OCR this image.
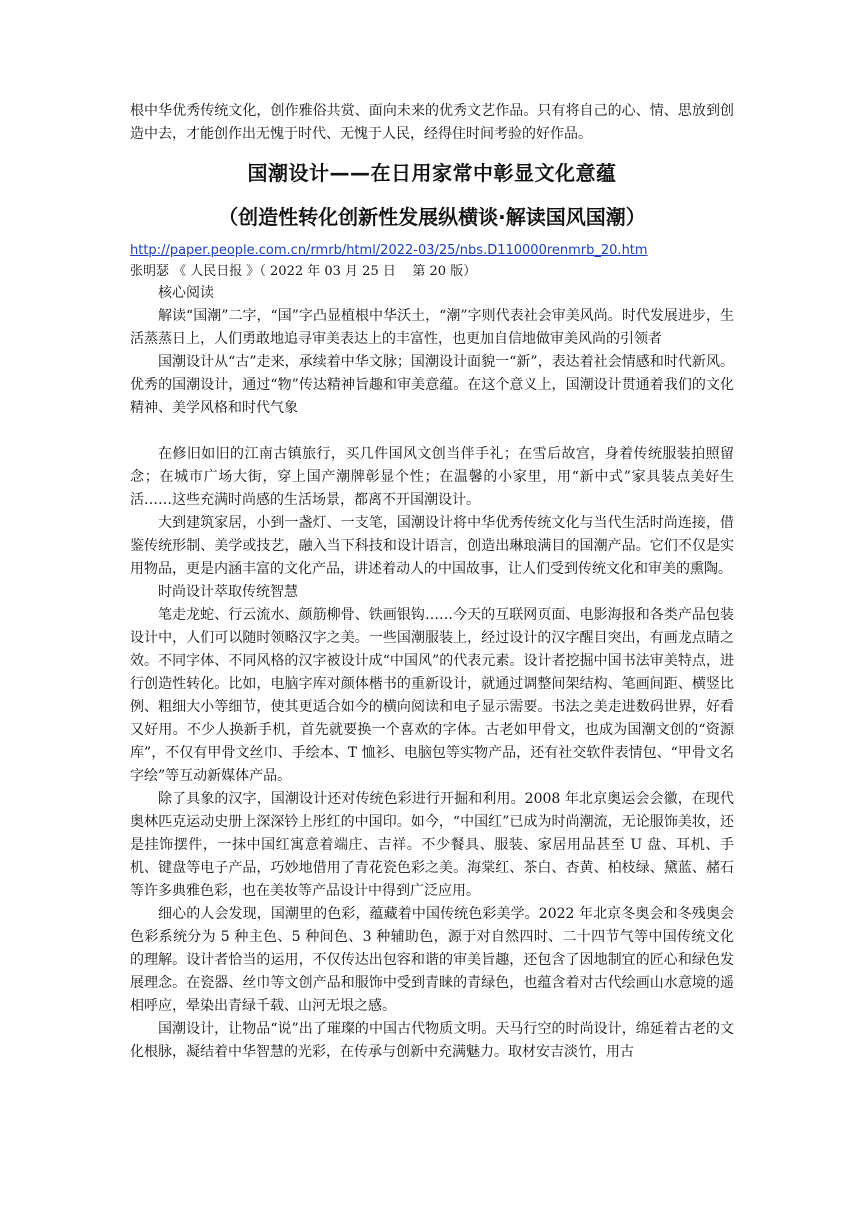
根中华优秀传统文化，创作雅俗共赏、面向未来的优秀文艺作品。只有将自己的心、情、思放到创造中去，才能创作出无愧于时代、无愧于人民，经得住时间考验的好作品。

国潮设计——在日用家常中彰显文化意蕴
（创造性转化创新性发展纵横谈·解读国风国潮）
http://paper.people.com.cn/rmrb/html/2022-03/25/nbs.D110000renmrb_20.htm

张明瑟 《 人民日报 》（ 2022 年 03 月 25 日    第 20 版）

核心阅读

解读“国潮”二字，“国”字凸显植根中华沃土，“潮”字则代表社会审美风尚。时代发展进步，生活蒸蒸日上，人们勇敢地追寻审美表达上的丰富性，也更加自信地做审美风尚的引领者

国潮设计从“古”走来，承续着中华文脉；国潮设计面貌一“新”，表达着社会情感和时代新风。优秀的国潮设计，通过“物”传达精神旨趣和审美意蕴。在这个意义上，国潮设计贯通着我们的文化精神、美学风格和时代气象

在修旧如旧的江南古镇旅行，买几件国风文创当伴手礼；在雪后故宫，身着传统服装拍照留念；在城市广场大街，穿上国产潮牌彰显个性；在温馨的小家里，用“新中式”家具装点美好生活……这些充满时尚感的生活场景，都离不开国潮设计。

大到建筑家居，小到一盏灯、一支笔，国潮设计将中华优秀传统文化与当代生活时尚连接，借鉴传统形制、美学或技艺，融入当下科技和设计语言，创造出琳琅满目的国潮产品。它们不仅是实用物品，更是内涵丰富的文化产品，讲述着动人的中国故事，让人们受到传统文化和审美的熏陶。

时尚设计萃取传统智慧

笔走龙蛇、行云流水、颜筋柳骨、铁画银钩……今天的互联网页面、电影海报和各类产品包装设计中，人们可以随时领略汉字之美。一些国潮服装上，经过设计的汉字醒目突出，有画龙点睛之效。不同字体、不同风格的汉字被设计成“中国风”的代表元素。设计者挖掘中国书法审美特点，进行创造性转化。比如，电脑字库对颜体楷书的重新设计，就通过调整间架结构、笔画间距、横竖比例、粗细大小等细节，使其更适合如今的横向阅读和电子显示需要。书法之美走进数码世界，好看又好用。不少人换新手机，首先就要换一个喜欢的字体。古老如甲骨文，也成为国潮文创的“资源库”，不仅有甲骨文丝巾、手绘本、T 恤衫、电脑包等实物产品，还有社交软件表情包、“甲骨文名字绘”等互动新媒体产品。

除了具象的汉字，国潮设计还对传统色彩进行开掘和利用。2008 年北京奥运会会徽，在现代奥林匹克运动史册上深深钤上彤红的中国印。如今，“中国红”已成为时尚潮流，无论服饰美妆，还是挂饰摆件，一抹中国红寓意着端庄、吉祥。不少餐具、服装、家居用品甚至 U 盘、耳机、手机、键盘等电子产品，巧妙地借用了青花瓷色彩之美。海棠红、茶白、杏黄、柏枝绿、黛蓝、赭石等许多典雅色彩，也在美妆等产品设计中得到广泛应用。

细心的人会发现，国潮里的色彩，蕴藏着中国传统色彩美学。2022 年北京冬奥会和冬残奥会色彩系统分为 5 种主色、5 种间色、3 种辅助色，源于对自然四时、二十四节气等中国传统文化的理解。设计者恰当的运用，不仅传达出包容和谐的审美旨趣，还包含了因地制宜的匠心和绿色发展理念。在瓷器、丝巾等文创产品和服饰中受到青睐的青绿色，也蕴含着对古代绘画山水意境的遥相呼应，晕染出青绿千载、山河无垠之感。

国潮设计，让物品“说”出了璀璨的中国古代物质文明。天马行空的时尚设计，绵延着古老的文化根脉，凝结着中华智慧的光彩，在传承与创新中充满魅力。取材安吉淡竹，用古
